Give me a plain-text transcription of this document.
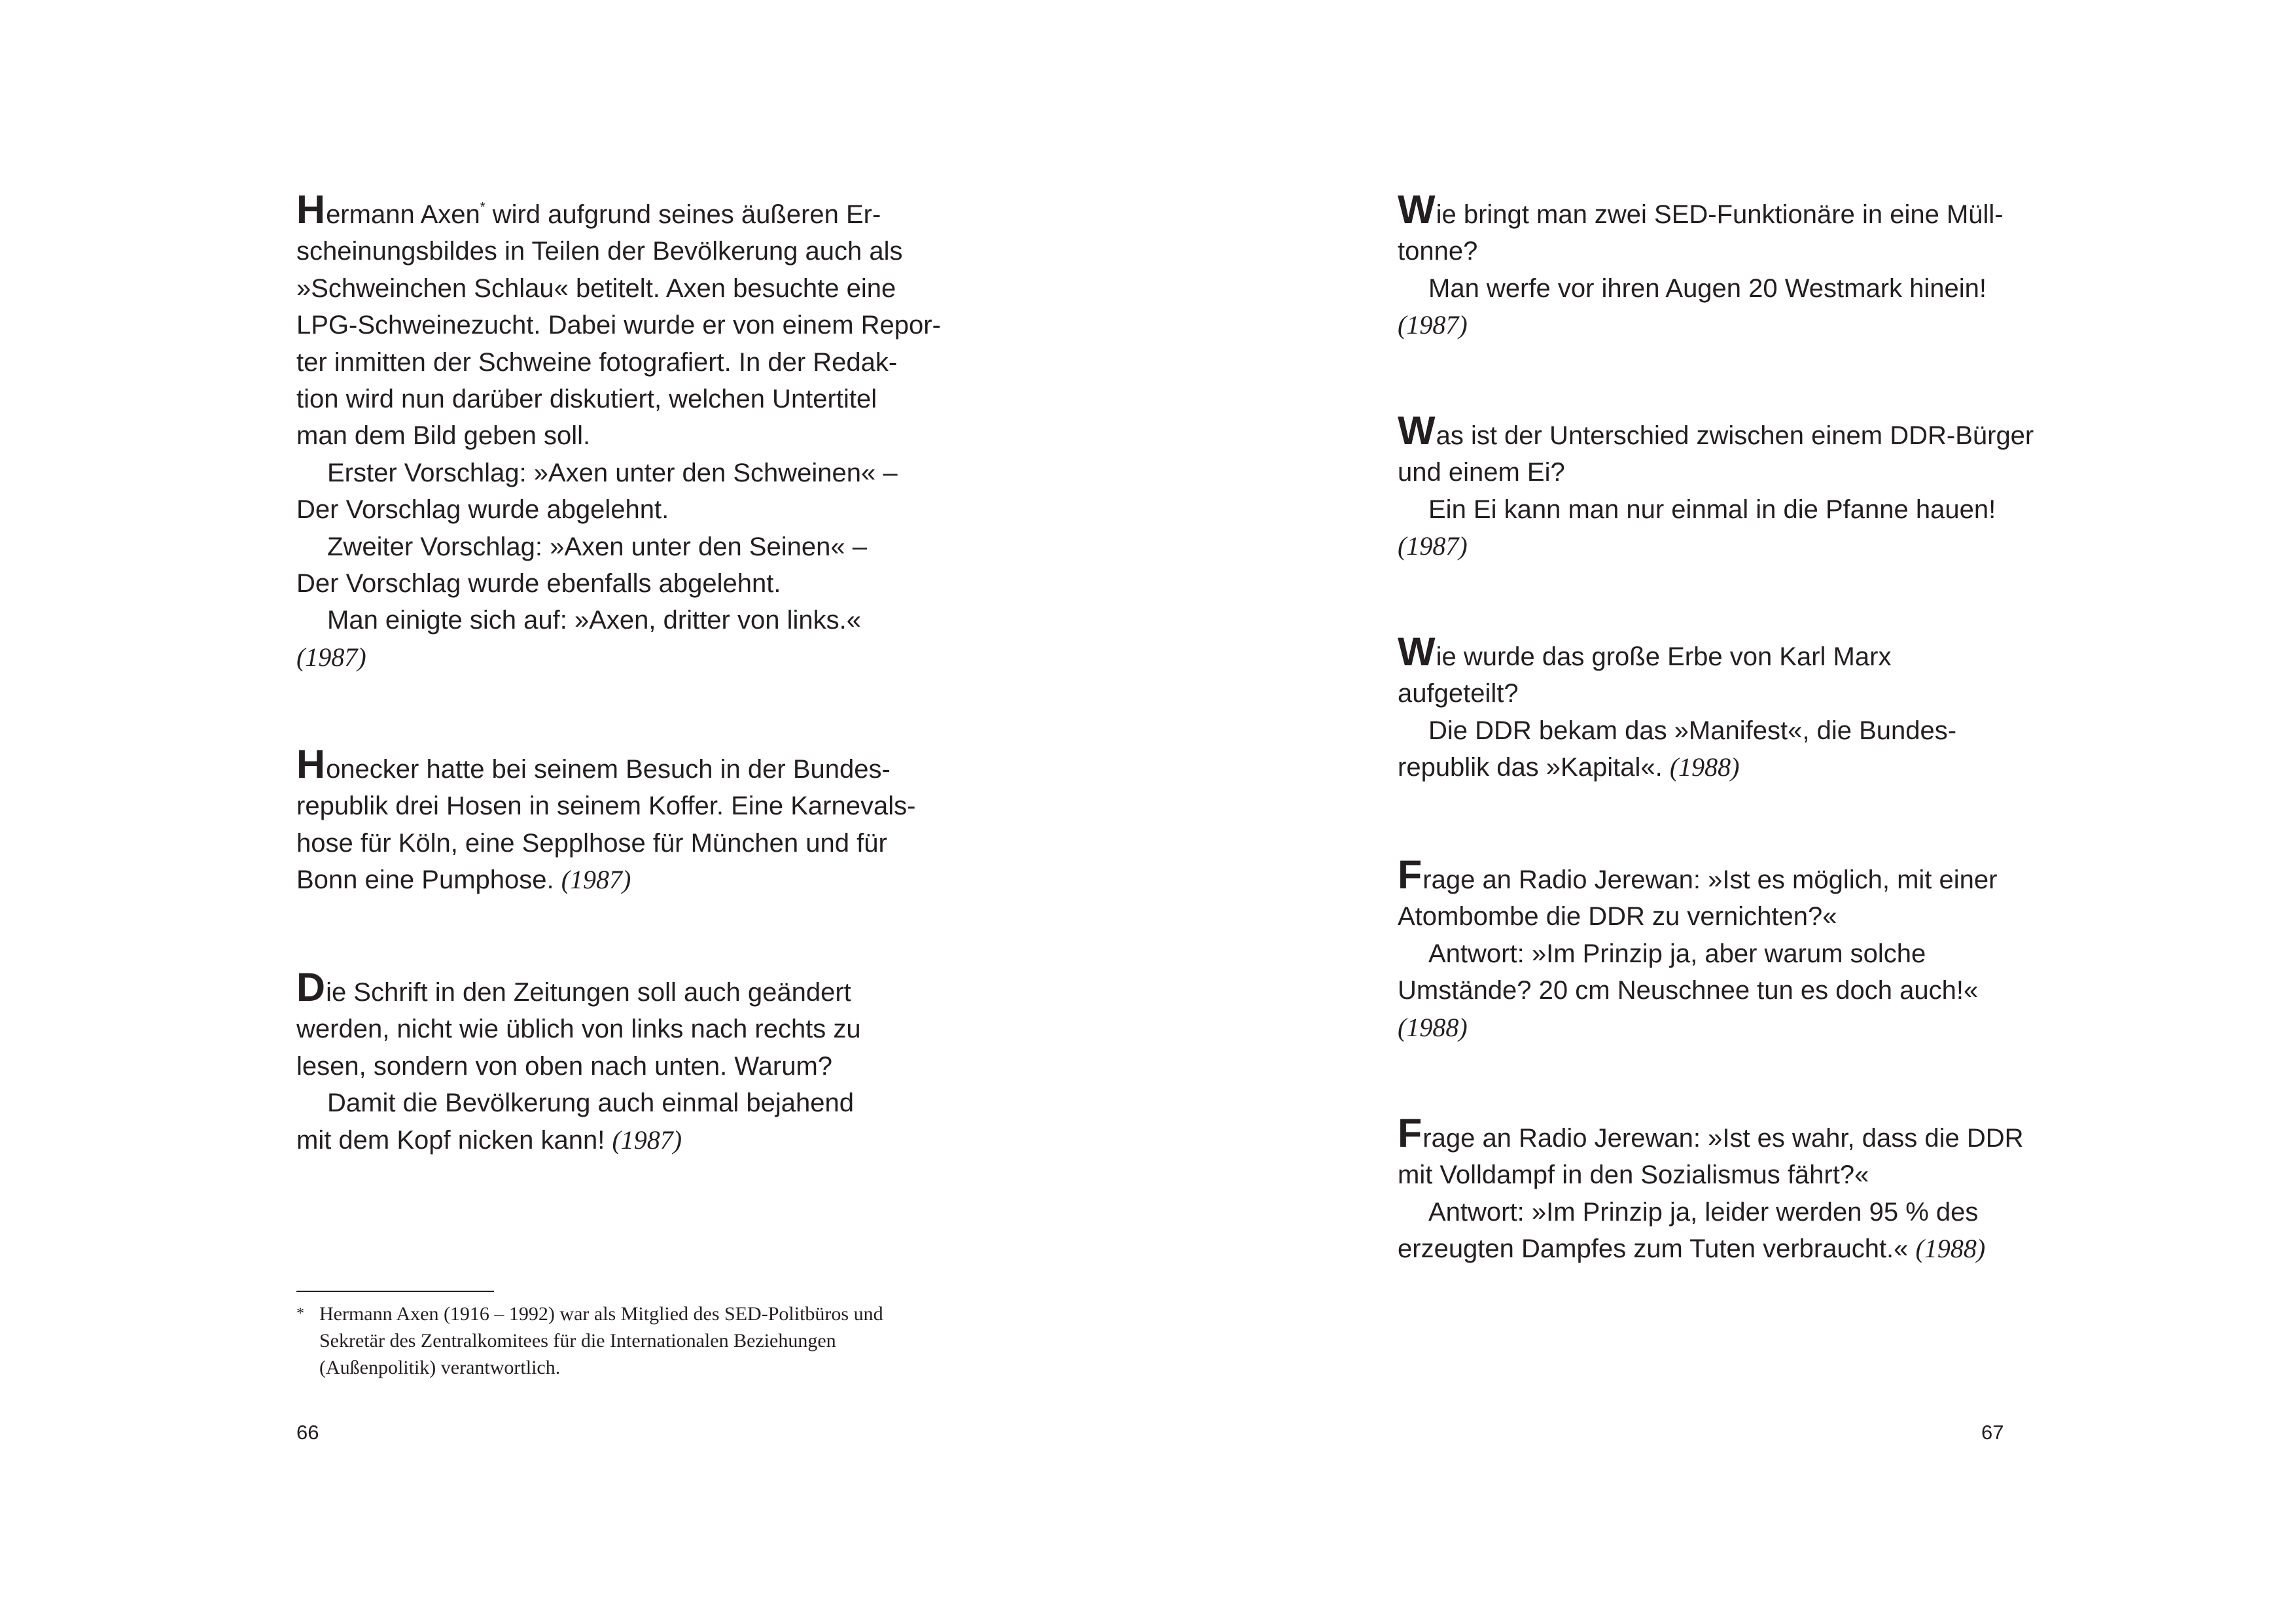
Hermann Axen* wird aufgrund seines äußeren Er-

scheinungsbildes in Teilen der Bevölkerung auch als

»Schweinchen Schlau« betitelt. Axen besuchte eine

LPG-Schweinezucht. Dabei wurde er von einem Repor-

ter inmitten der Schweine fotografiert. In der Redak-

tion wird nun darüber diskutiert, welchen Untertitel

man dem Bild geben soll.

Erster Vorschlag: »Axen unter den Schweinen« –

Der Vorschlag wurde abgelehnt.

Zweiter Vorschlag: »Axen unter den Seinen« –

Der Vorschlag wurde ebenfalls abgelehnt.

Man einigte sich auf: »Axen, dritter von links.«

(1987)

Honecker hatte bei seinem Besuch in der Bundes-

republik drei Hosen in seinem Koffer. Eine Karnevals-

hose für Köln, eine Sepplhose für München und für

Bonn eine Pumphose. (1987)

Die Schrift in den Zeitungen soll auch geändert

werden, nicht wie üblich von links nach rechts zu

lesen, sondern von oben nach unten. Warum?

Damit die Bevölkerung auch einmal bejahend

mit dem Kopf nicken kann! (1987)

* Hermann Axen (1916 – 1992) war als Mitglied des SED-Politbüros und
Sekretär des Zentralkomitees für die Internationalen Beziehungen
(Außenpolitik) verantwortlich.
66

Wie bringt man zwei SED-Funktionäre in eine Müll-

tonne?

Man werfe vor ihren Augen 20 Westmark hinein!

(1987)

Was ist der Unterschied zwischen einem DDR-Bürger

und einem Ei?

Ein Ei kann man nur einmal in die Pfanne hauen!

(1987)

Wie wurde das große Erbe von Karl Marx

aufgeteilt?

Die DDR bekam das »Manifest«, die Bundes-

republik das »Kapital«. (1988)

Frage an Radio Jerewan: »Ist es möglich, mit einer

Atombombe die DDR zu vernichten?«

Antwort: »Im Prinzip ja, aber warum solche

Umstände? 20 cm Neuschnee tun es doch auch!«

(1988)

Frage an Radio Jerewan: »Ist es wahr, dass die DDR

mit Volldampf in den Sozialismus fährt?«

Antwort: »Im Prinzip ja, leider werden 95 % des

erzeugten Dampfes zum Tuten verbraucht.« (1988)

67
